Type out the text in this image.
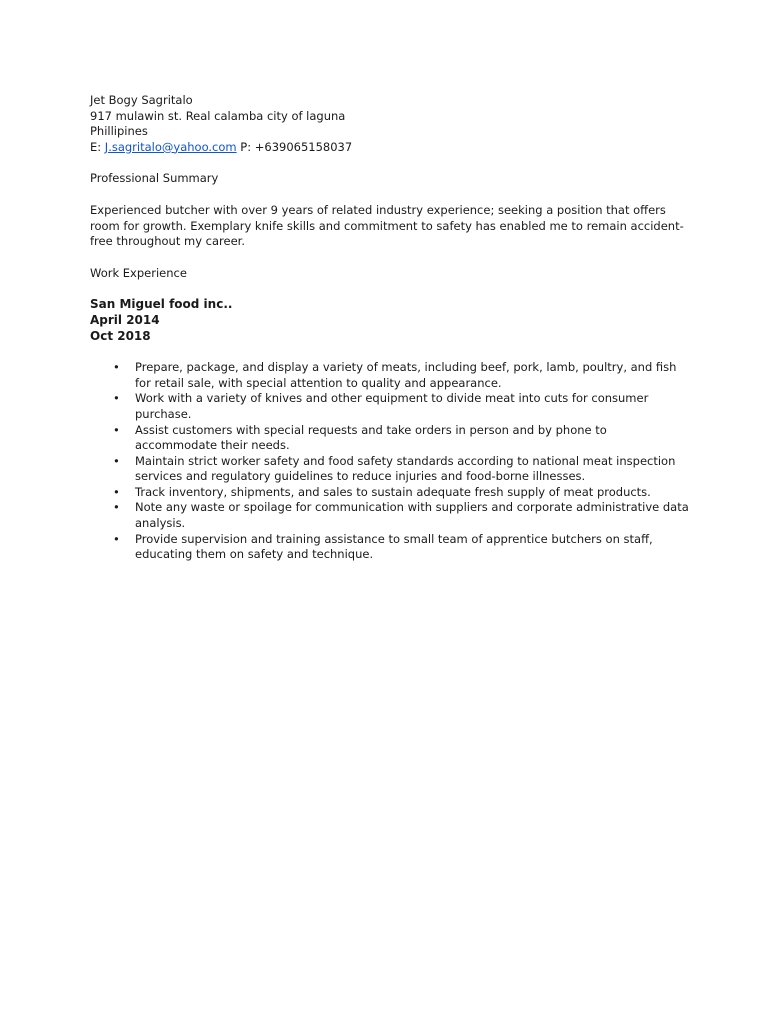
Jet Bogy Sagritalo
917 mulawin st. Real calamba city of laguna
Phillipines
E: J.sagritalo@yahoo.com P: +639065158037
Professional Summary
Experienced butcher with over 9 years of related industry experience; seeking a position that offers room for growth. Exemplary knife skills and commitment to safety has enabled me to remain accident-free throughout my career.
Work Experience
San Miguel food inc..
April 2014
Oct 2018
• Prepare, package, and display a variety of meats, including beef, pork, lamb, poultry, and fish for retail sale, with special attention to quality and appearance.
• Work with a variety of knives and other equipment to divide meat into cuts for consumer purchase.
• Assist customers with special requests and take orders in person and by phone to accommodate their needs.
• Maintain strict worker safety and food safety standards according to national meat inspection services and regulatory guidelines to reduce injuries and food-borne illnesses.
• Track inventory, shipments, and sales to sustain adequate fresh supply of meat products.
• Note any waste or spoilage for communication with suppliers and corporate administrative data analysis.
• Provide supervision and training assistance to small team of apprentice butchers on staff, educating them on safety and technique.
